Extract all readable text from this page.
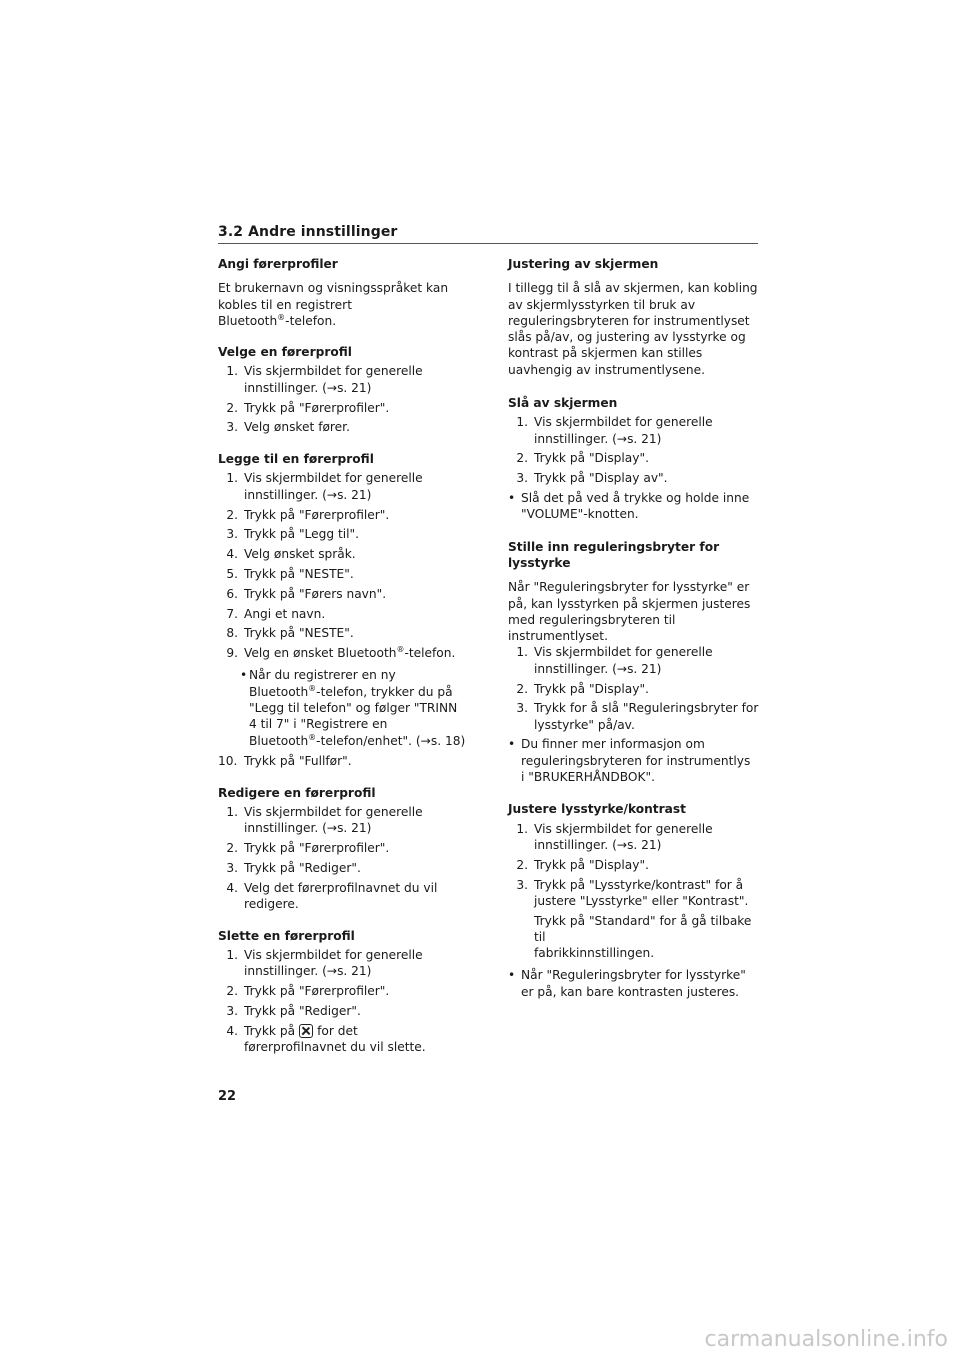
3.2 Andre innstillinger

Angi førerprofiler

Et brukernavn og visningsspråket kan kobles til en registrert
Bluetooth®-telefon.

Velge en førerprofil

1. Vis skjermbildet for generelle
innstillinger. (→s. 21)
2. Trykk på "Førerprofiler".
3. Velg ønsket fører.

Legge til en førerprofil

1. Vis skjermbildet for generelle
innstillinger. (→s. 21)
2. Trykk på "Førerprofiler".
3. Trykk på "Legg til".
4. Velg ønsket språk.
5. Trykk på "NESTE".
6. Trykk på "Førers navn".
7. Angi et navn.
8. Trykk på "NESTE".
9. Velg en ønsket Bluetooth®-telefon.
• Når du registrerer en ny
Bluetooth®-telefon, trykker du på
"Legg til telefon" og følger "TRINN
4 til 7" i "Registrere en
Bluetooth®-telefon/enhet". (→s. 18)
10. Trykk på "Fullfør".

Redigere en førerprofil

1. Vis skjermbildet for generelle
innstillinger. (→s. 21)
2. Trykk på "Førerprofiler".
3. Trykk på "Rediger".
4. Velg det førerprofilnavnet du vil
redigere.

Slette en førerprofil

1. Vis skjermbildet for generelle
innstillinger. (→s. 21)
2. Trykk på "Førerprofiler".
3. Trykk på "Rediger".
4. Trykk på for det
førerprofilnavnet du vil slette.

Justering av skjermen

I tillegg til å slå av skjermen, kan kobling
av skjermlysstyrken til bruk av
reguleringsbryteren for instrumentlyset
slås på/av, og justering av lysstyrke og
kontrast på skjermen kan stilles
uavhengig av instrumentlysene.

Slå av skjermen

1. Vis skjermbildet for generelle
innstillinger. (→s. 21)
2. Trykk på "Display".
3. Trykk på "Display av".
• Slå det på ved å trykke og holde inne
"VOLUME"-knotten.

Stille inn reguleringsbryter for
lysstyrke

Når "Reguleringsbryter for lysstyrke" er
på, kan lysstyrken på skjermen justeres
med reguleringsbryteren til
instrumentlyset.

1. Vis skjermbildet for generelle
innstillinger. (→s. 21)
2. Trykk på "Display".
3. Trykk for å slå "Reguleringsbryter for
lysstyrke" på/av.
• Du finner mer informasjon om
reguleringsbryteren for instrumentlys
i "BRUKERHÅNDBOK".

Justere lysstyrke/kontrast

1. Vis skjermbildet for generelle
innstillinger. (→s. 21)
2. Trykk på "Display".
3. Trykk på "Lysstyrke/kontrast" for å
justere "Lysstyrke" eller "Kontrast".
Trykk på "Standard" for å gå tilbake til
fabrikkinnstillingen.
• Når "Reguleringsbryter for lysstyrke"
er på, kan bare kontrasten justeres.
22
carmanualsonline.info
